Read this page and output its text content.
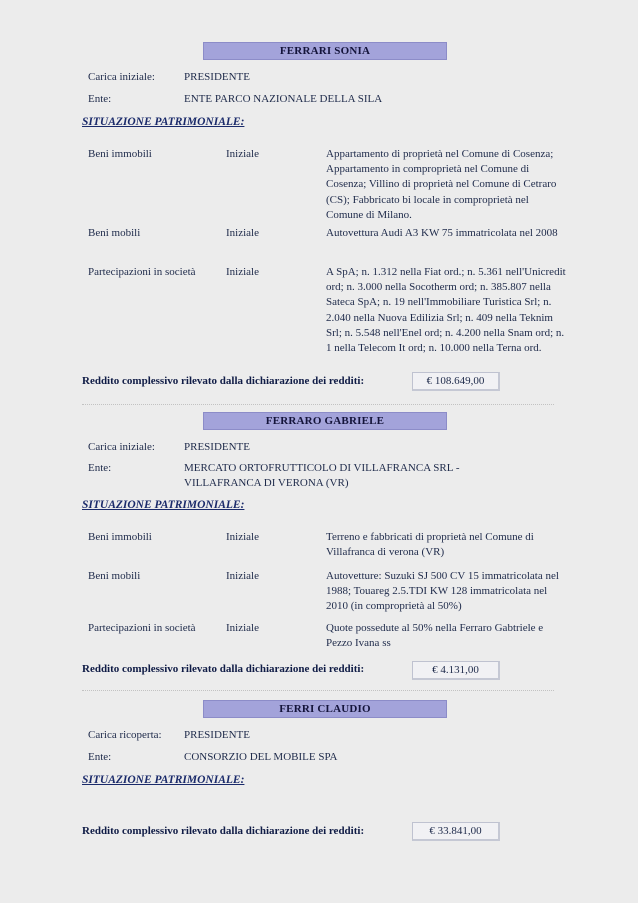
FERRARI SONIA
Carica iniziale:	PRESIDENTE
Ente:	ENTE PARCO NAZIONALE DELLA SILA
SITUAZIONE PATRIMONIALE:
Beni immobili	Iniziale	Appartamento di proprietà nel Comune di Cosenza; Appartamento in comproprietà nel Comune di Cosenza; Villino di proprietà nel Comune di Cetraro (CS); Fabbricato bi locale in comproprietà nel Comune di Milano.
Beni mobili	Iniziale	Autovettura Audi A3 KW 75 immatricolata nel 2008
Partecipazioni in società	Iniziale	A SpA; n. 1.312 nella Fiat ord.; n. 5.361 nell'Unicredit ord; n. 3.000 nella Socotherm ord; n. 385.807 nella Sateca SpA; n. 19 nell'Immobiliare Turistica Srl; n. 2.040 nella Nuova Edilizia Srl; n. 409 nella Teknim Srl; n. 5.548 nell'Enel ord; n. 4.200 nella Snam ord; n. 1 nella Telecom It ord; n. 10.000 nella Terna ord.
Reddito complessivo rilevato dalla dichiarazione dei redditi:	€ 108.649,00
FERRARO GABRIELE
Carica iniziale:	PRESIDENTE
Ente:	MERCATO ORTOFRUTTICOLO DI VILLAFRANCA SRL - VILLAFRANCA DI VERONA (VR)
SITUAZIONE PATRIMONIALE:
Beni immobili	Iniziale	Terreno e fabbricati di proprietà nel Comune di Villafranca di verona (VR)
Beni mobili	Iniziale	Autovetture: Suzuki SJ 500 CV 15 immatricolata nel 1988; Touareg 2.5.TDI KW 128 immatricolata nel 2010 (in comproprietà al 50%)
Partecipazioni in società	Iniziale	Quote possedute al 50% nella Ferraro Gabtriele e Pezzo Ivana ss
Reddito complessivo rilevato dalla dichiarazione dei redditi:	€ 4.131,00
FERRI CLAUDIO
Carica ricoperta: PRESIDENTE
Ente:	CONSORZIO DEL MOBILE SPA
SITUAZIONE PATRIMONIALE:
Reddito complessivo rilevato dalla dichiarazione dei redditi:	€ 33.841,00
